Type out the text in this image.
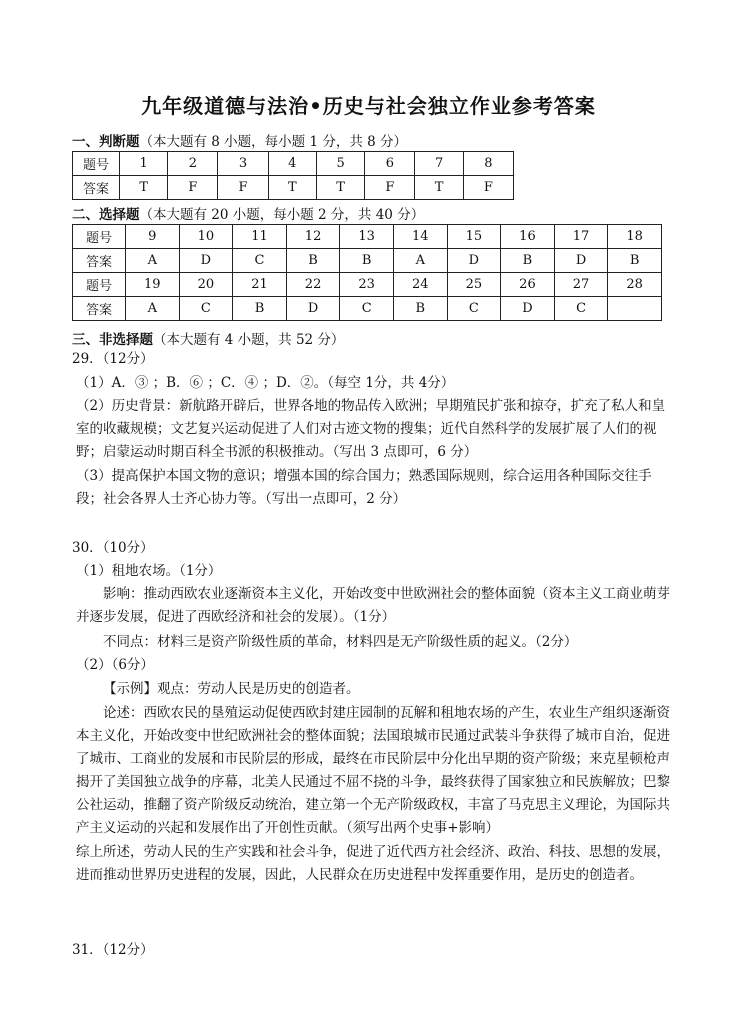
九年级道德与法治•历史与社会独立作业参考答案
一、判断题（本大题有 8 小题，每小题 1 分，共 8 分）
题号	1	2	3	4	5	6	7	8
答案	T	F	F	T	T	F	T	F
二、选择题（本大题有 20 小题，每小题 2 分，共 40 分）
题号	9	10	11	12	13	14	15	16	17	18
答案	A	D	C	B	B	A	D	B	D	B
题号	19	20	21	22	23	24	25	26	27	28
答案	A	C	B	D	C	B	C	D	C	
三、非选择题（本大题有 4 小题，共 52 分）
29．（12分）
（1）A．③ ；B．⑥ ；C．④ ；D．②。（每空 1分，共 4分）
（2）历史背景：新航路开辟后，世界各地的物品传入欧洲；早期殖民扩张和掠夺，扩充了私人和皇室的收藏规模；文艺复兴运动促进了人们对古迹文物的搜集；近代自然科学的发展扩展了人们的视野；启蒙运动时期百科全书派的积极推动。（写出 3 点即可，6 分）
（3）提高保护本国文物的意识；增强本国的综合国力；熟悉国际规则，综合运用各种国际交往手段；社会各界人士齐心协力等。（写出一点即可，2 分）
30．（10分）
（1）租地农场。（1分）
影响：推动西欧农业逐渐资本主义化，开始改变中世欧洲社会的整体面貌（资本主义工商业萌芽并逐步发展，促进了西欧经济和社会的发展）。（1分）
不同点：材料三是资产阶级性质的革命，材料四是无产阶级性质的起义。（2分）
（2）（6分）
【示例】观点：劳动人民是历史的创造者。
论述：西欧农民的垦殖运动促使西欧封建庄园制的瓦解和租地农场的产生，农业生产组织逐渐资本主义化，开始改变中世纪欧洲社会的整体面貌；法国琅城市民通过武装斗争获得了城市自治，促进了城市、工商业的发展和市民阶层的形成，最终在市民阶层中分化出早期的资产阶级；来克星顿枪声揭开了美国独立战争的序幕，北美人民通过不屈不挠的斗争，最终获得了国家独立和民族解放；巴黎公社运动，推翻了资产阶级反动统治，建立第一个无产阶级政权，丰富了马克思主义理论，为国际共产主义运动的兴起和发展作出了开创性贡献。（须写出两个史事+影响）
综上所述，劳动人民的生产实践和社会斗争，促进了近代西方社会经济、政治、科技、思想的发展，进而推动世界历史进程的发展，因此，人民群众在历史进程中发挥重要作用，是历史的创造者。
31．（12分）
